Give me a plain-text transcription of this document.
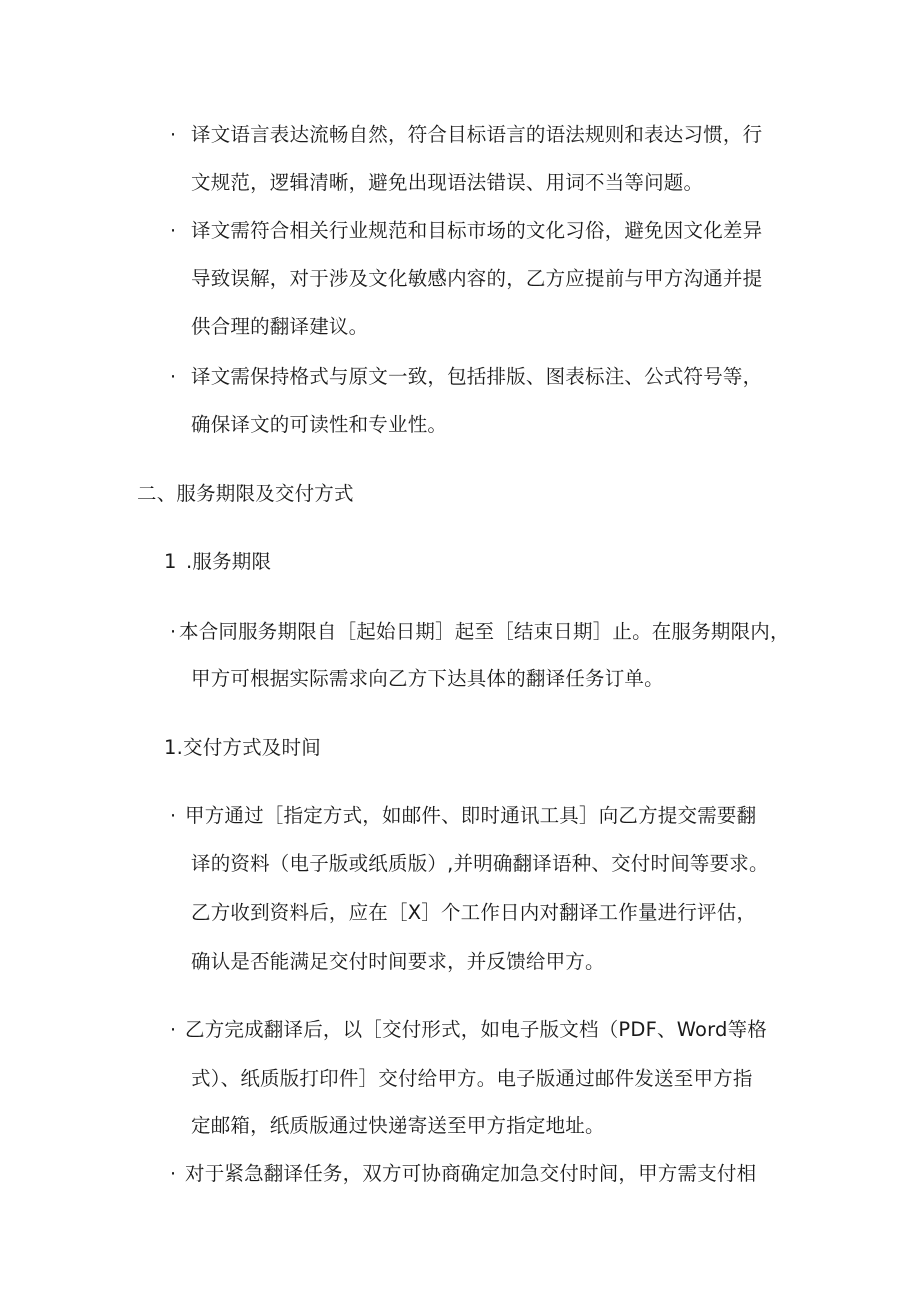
· 译文语言表达流畅自然，符合目标语言的语法规则和表达习惯，行
文规范，逻辑清晰，避免出现语法错误、用词不当等问题。
· 译文需符合相关行业规范和目标市场的文化习俗，避免因文化差异
导致误解，对于涉及文化敏感内容的，乙方应提前与甲方沟通并提
供合理的翻译建议。
· 译文需保持格式与原文一致，包括排版、图表标注、公式符号等，
确保译文的可读性和专业性。
二、服务期限及交付方式
1 .服务期限
· 本合同服务期限自［起始日期］起至［结束日期］止。在服务期限内，
甲方可根据实际需求向乙方下达具体的翻译任务订单。
1.交付方式及时间
· 甲方通过［指定方式，如邮件、即时通讯工具］向乙方提交需要翻
译的资料（电子版或纸质版）,并明确翻译语种、交付时间等要求。
乙方收到资料后，应在［X］个工作日内对翻译工作量进行评估，
确认是否能满足交付时间要求，并反馈给甲方。
· 乙方完成翻译后，以［交付形式，如电子版文档（PDF、Word等格
式）、纸质版打印件］交付给甲方。电子版通过邮件发送至甲方指
定邮箱，纸质版通过快递寄送至甲方指定地址。
· 对于紧急翻译任务，双方可协商确定加急交付时间，甲方需支付相
